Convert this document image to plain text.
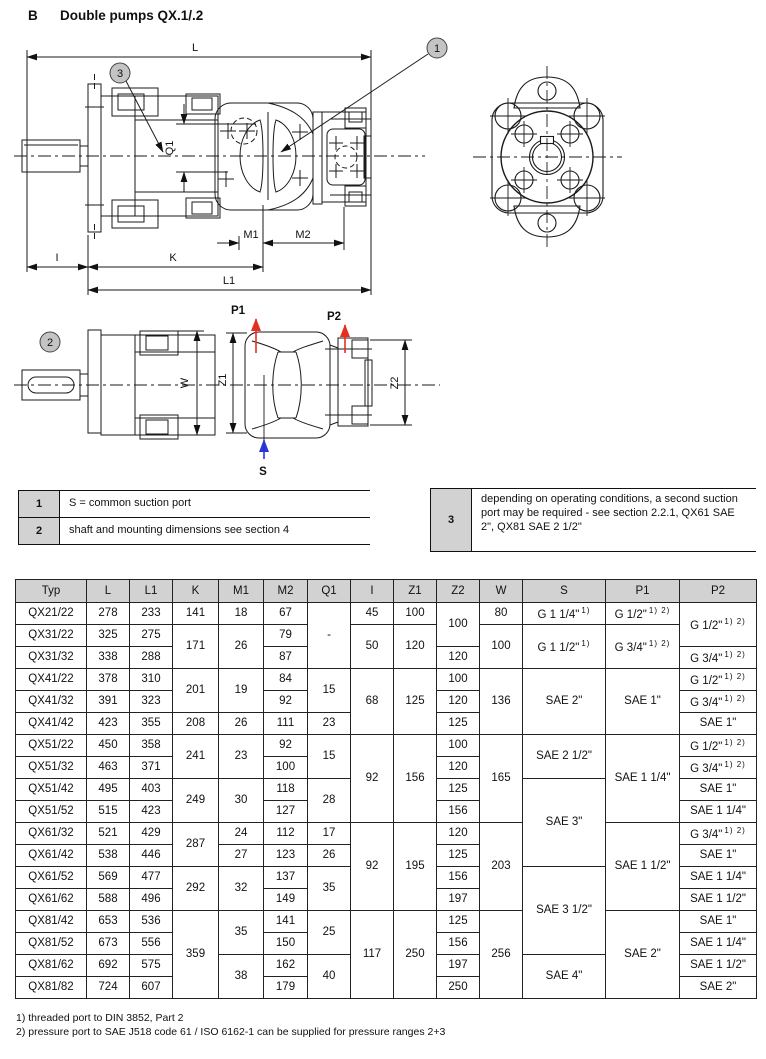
B Double pumps QX.1/.2
L
Q1
M1	M2
I	K
L1
3
1
W Z1	Z2
P1	P2
S
2
1	S = common suction port
2	shaft and mounting dimensions see section 4
3
depending on operating conditions, a second suction port may be required - see section 2.2.1, QX61 SAE 2", QX81 SAE 2 1/2"
Typ	L	L1	K	M1	M2	Q1	I	Z1	Z2	W	S	P1	P2
QX21/22	278	233	141	18	67	-	45	100	100	80	G 1 1/4" $^{1)}$	G 1/2" $^{1) 2)}$	G 1/2" $^{1) 2)}$
QX31/22	325	275	171	26	79		50	120		100	G 1 1/2" $^{1)}$	G 3/4" $^{1) 2)}$
QX31/32	338	288			87				120				G 3/4" $^{1) 2)}$
QX41/22	378	310	201	19	84	15	68	125	100	136	SAE 2"	SAE 1"	G 1/2" $^{1) 2)}$
QX41/32	391	323			92				120				G 3/4" $^{1) 2)}$
QX41/42	423	355	208	26	111	23			125				SAE 1"
QX51/22	450	358	241	23	92	15	92	156	100	165	SAE 2 1/2"	SAE 1 1/4"	G 1/2" $^{1) 2)}$
QX51/32	463	371			100				120				G 3/4" $^{1) 2)}$
QX51/42	495	403	249	30	118	28			125		SAE 3"		SAE 1"
QX51/52	515	423			127				156				SAE 1 1/4"
QX61/32	521	429	287	24	112	17	92	195	120	203		SAE 1 1/2"	G 3/4" $^{1) 2)}$
QX61/42	538	446		27	123	26			125				SAE 1"
QX61/52	569	477	292	32	137	35			156		SAE 3 1/2"		SAE 1 1/4"
QX61/62	588	496			149				197				SAE 1 1/2"
QX81/42	653	536	359	35	141	25	117	250	125	256		SAE 2"	SAE 1"
QX81/52	673	556			150				156				SAE 1 1/4"
QX81/62	692	575		38	162	40			197		SAE 4"		SAE 1 1/2"
QX81/82	724	607			179				250				SAE 2"
1) threaded port to DIN 3852, Part 2
2) pressure port to SAE J518 code 61 / ISO 6162-1 can be supplied for pressure ranges 2+3
